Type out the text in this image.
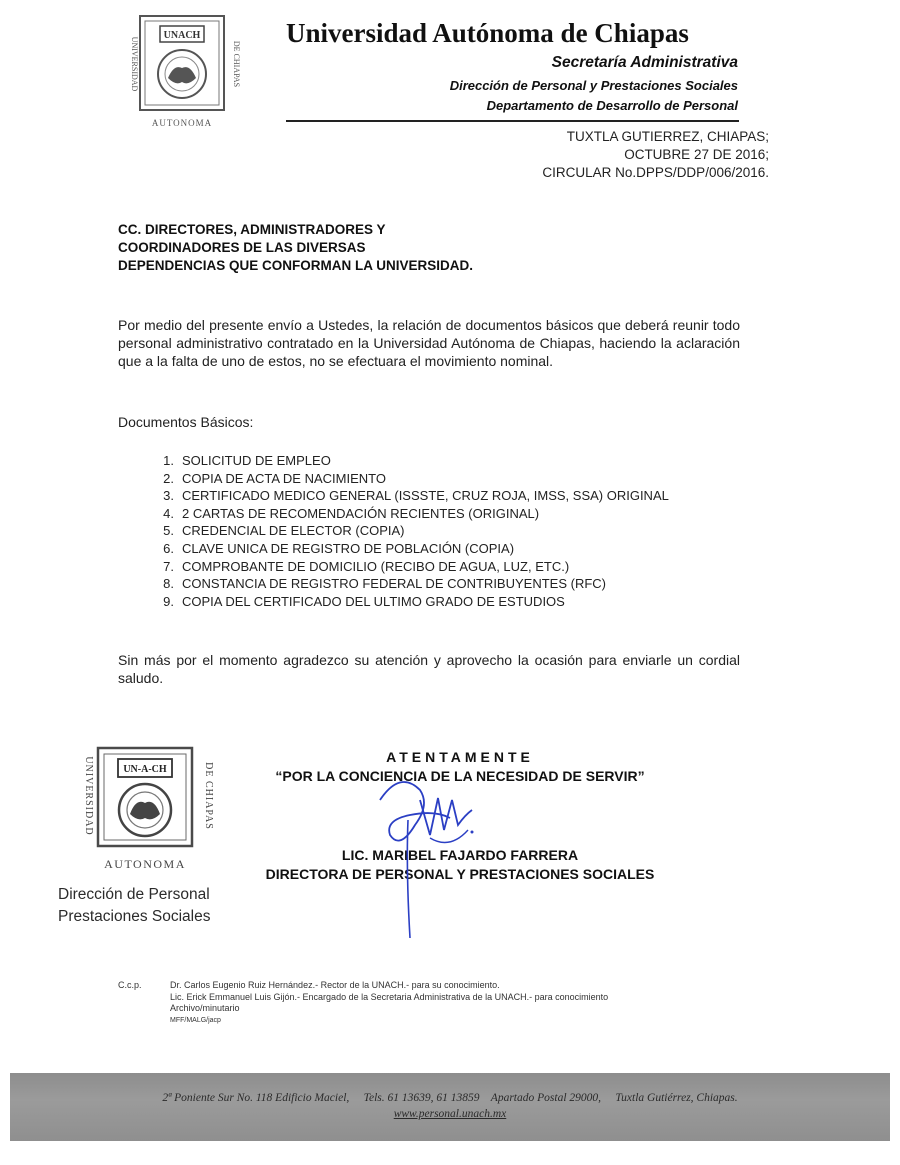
UNACH
UNIVERSIDAD	DE CHIAPAS
AUTONOMA
Universidad Autónoma de Chiapas
Secretaría Administrativa
Dirección de Personal y Prestaciones Sociales
Departamento de Desarrollo de Personal
TUXTLA GUTIERREZ, CHIAPAS;
OCTUBRE 27 DE 2016;
CIRCULAR No.DPPS/DDP/006/2016.
CC. DIRECTORES, ADMINISTRADORES Y
COORDINADORES DE LAS DIVERSAS
DEPENDENCIAS QUE CONFORMAN LA UNIVERSIDAD.
Por medio del presente envío a Ustedes, la relación de documentos básicos que deberá reunir todo personal administrativo contratado en la Universidad Autónoma de Chiapas, haciendo la aclaración que a la falta de uno de estos, no se efectuara el movimiento nominal.
Documentos Básicos:
1. SOLICITUD DE EMPLEO
2. COPIA DE ACTA DE NACIMIENTO
3. CERTIFICADO MEDICO GENERAL (ISSSTE, CRUZ ROJA, IMSS, SSA) ORIGINAL
4. 2 CARTAS DE RECOMENDACIÓN RECIENTES (ORIGINAL)
5. CREDENCIAL DE ELECTOR (COPIA)
6. CLAVE UNICA DE REGISTRO DE POBLACIÓN (COPIA)
7. COMPROBANTE DE DOMICILIO (RECIBO DE AGUA, LUZ, ETC.)
8. CONSTANCIA DE REGISTRO FEDERAL DE CONTRIBUYENTES (RFC)
9. COPIA DEL CERTIFICADO DEL ULTIMO GRADO DE ESTUDIOS
Sin más por el momento agradezco su atención y aprovecho la ocasión para enviarle un cordial saludo.
UN-A-CH
UNIVERSIDAD	DE CHIAPAS
AUTONOMA
Dirección de Personal
Prestaciones Sociales
ATENTAMENTE
“POR LA CONCIENCIA DE LA NECESIDAD DE SERVIR”
LIC. MARIBEL FAJARDO FARRERA
DIRECTORA DE PERSONAL Y PRESTACIONES SOCIALES
C.c.p.	Dr. Carlos Eugenio Ruiz Hernández.- Rector de la UNACH.- para su conocimiento.
Lic. Erick Emmanuel Luis Gijón.- Encargado de la Secretaria Administrativa de la UNACH.- para conocimiento
Archivo/minutario
MFF/MALG/jacp
2ª Poniente Sur No. 118 Edificio Maciel,     Tels. 61 13639, 61 13859    Apartado Postal 29000,     Tuxtla Gutiérrez, Chiapas.
www.personal.unach.mx
